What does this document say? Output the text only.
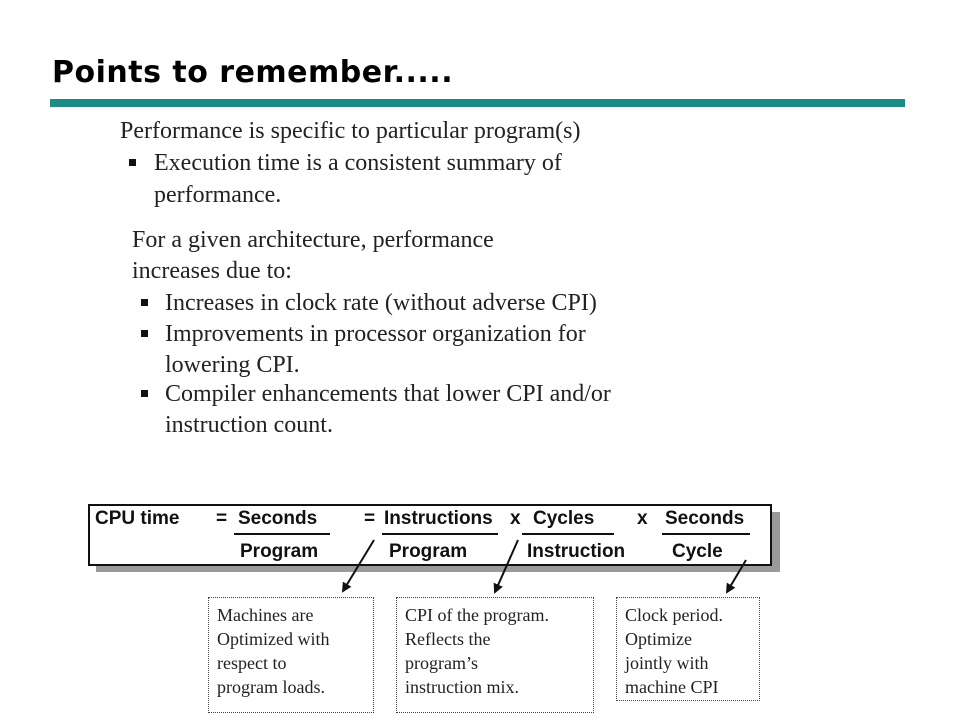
Points to remember.....
Performance is specific to particular program(s)
Execution time is a consistent summary of
performance.
For a given architecture, performance
increases due to:
Increases in clock rate (without adverse CPI)
Improvements in processor organization for
lowering CPI.
Compiler enhancements that lower CPI and/or
instruction count.
CPU time = Seconds
Program
= Instructions
Program
x Cycles
Instruction
x Seconds
Cycle
Machines are
Optimized with
respect to
program loads.
CPI of the program.
Reflects the
program’s
instruction mix.
Clock period.
Optimize
jointly with
machine CPI
